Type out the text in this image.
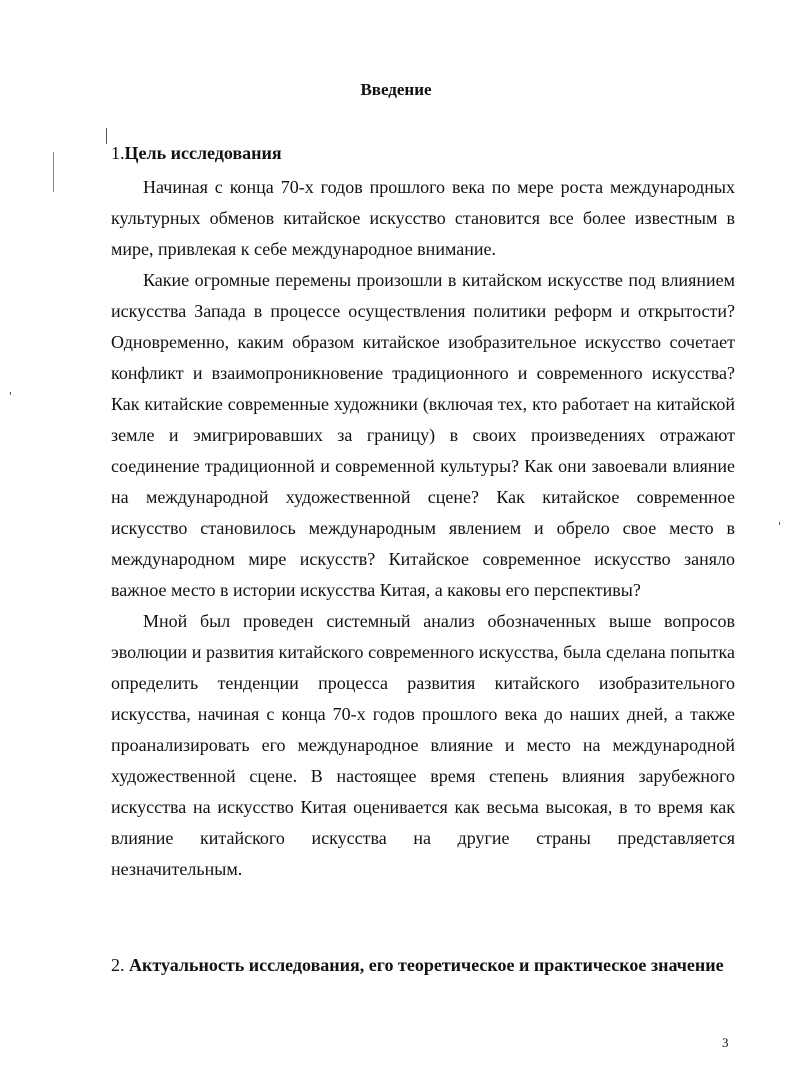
Введение
1.Цель исследования

Начиная с конца 70-х годов прошлого века по мере роста международных культурных обменов китайское искусство становится все более известным в мире, привлекая к себе международное внимание.

Какие огромные перемены произошли в китайском искусстве под влиянием искусства Запада в процессе осуществления политики реформ и открытости? Одновременно, каким образом китайское изобразительное искусство сочетает конфликт и взаимопроникновение традиционного и современного искусства? Как китайские современные художники (включая тех, кто работает на китайской земле и эмигрировавших за границу) в своих произведениях отражают соединение традиционной и современной культуры? Как они завоевали влияние на международной художественной сцене? Как китайское современное искусство становилось международным явлением и обрело свое место в международном мире искусств? Китайское современное искусство заняло важное место в истории искусства Китая, а каковы его перспективы?

Мной был проведен системный анализ обозначенных выше вопросов эволюции и развития китайского современного искусства, была сделана попытка определить тенденции процесса развития китайского изобразительного искусства, начиная с конца 70-х годов прошлого века до наших дней, а также проанализировать его международное влияние и место на международной художественной сцене. В настоящее время степень влияния зарубежного искусства на искусство Китая оценивается как весьма высокая, в то время как влияние китайского искусства на другие страны представляется незначительным.

2. Актуальность исследования, его теоретическое и практическое значение
3
